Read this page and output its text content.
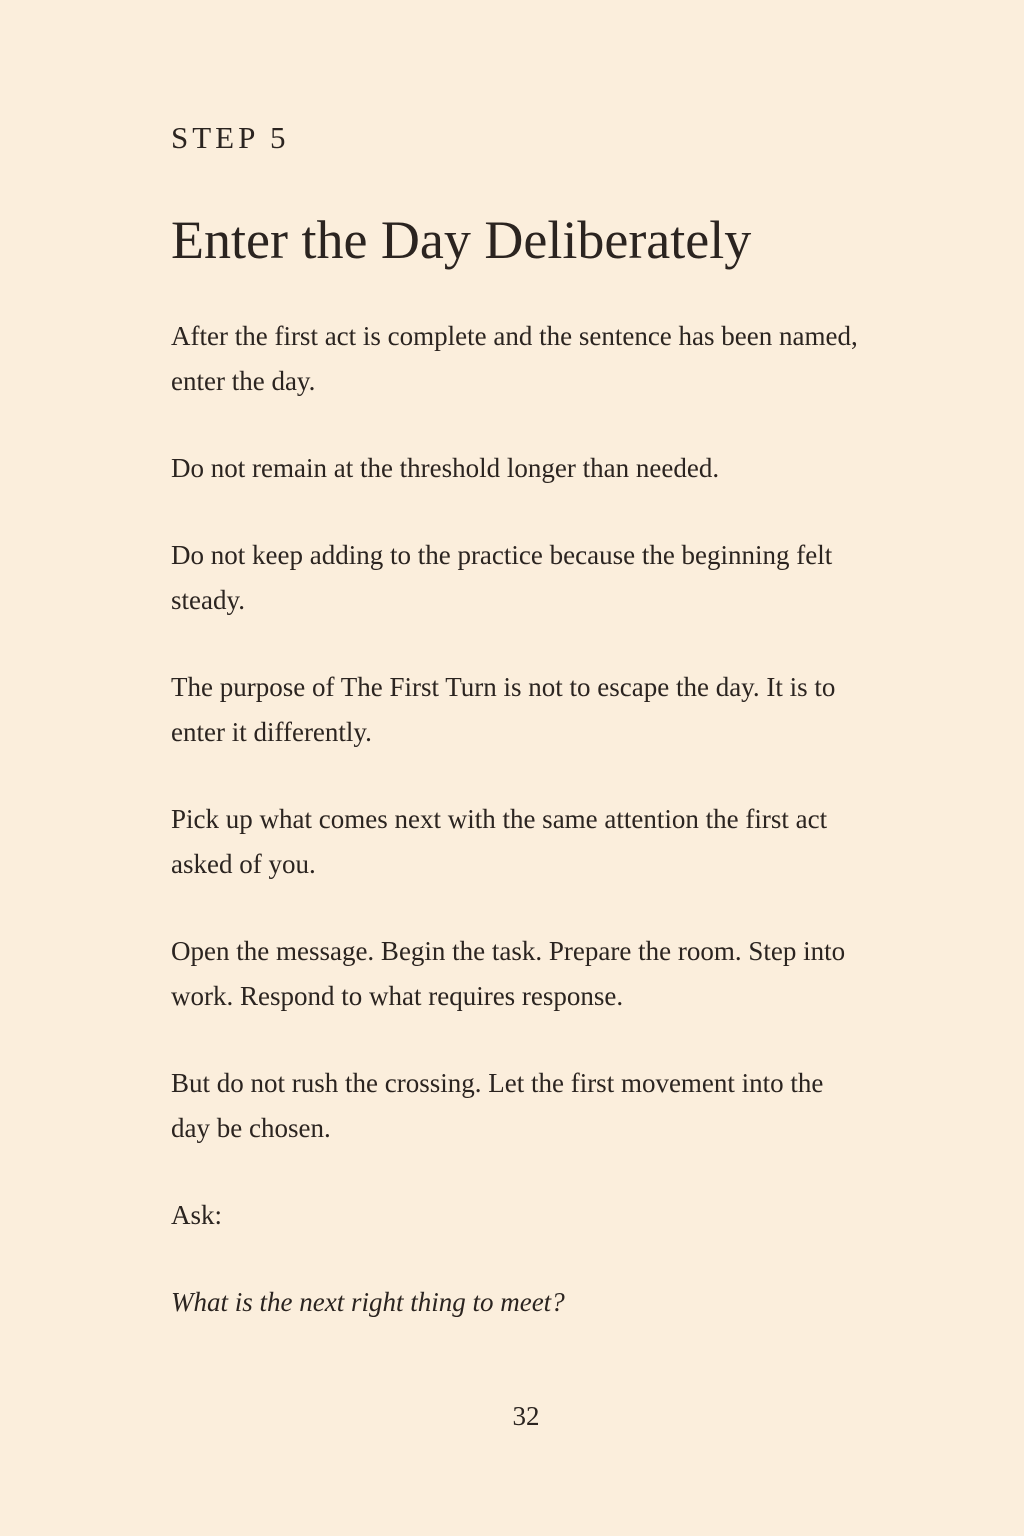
STEP 5
Enter the Day Deliberately

After the first act is complete and the sentence has been named, enter the day.

Do not remain at the threshold longer than needed.

Do not keep adding to the practice because the beginning felt steady.

The purpose of The First Turn is not to escape the day. It is to enter it differently.

Pick up what comes next with the same attention the first act asked of you.

Open the message. Begin the task. Prepare the room. Step into work. Respond to what requires response.

But do not rush the crossing. Let the first movement into the day be chosen.

Ask:

What is the next right thing to meet?

32
